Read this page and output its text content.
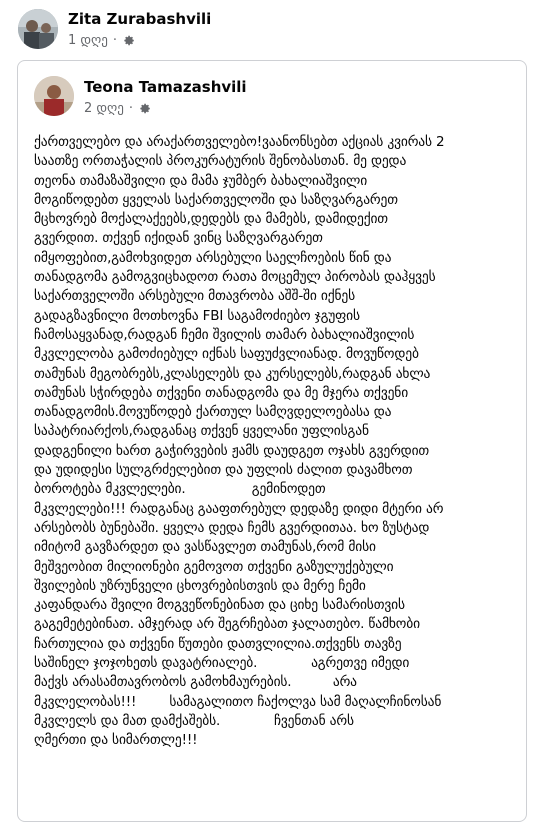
Zita Zurabashvili
1 დღე ·
Teona Tamazashvili
2 დღე ·
ქართველებო და არაქართველებო!ვაანონსებთ აქციას კვირას 2
საათზე ორთაჭალის პროკურატურის შენობასთან. მე დედა
თეონა თამაზაშვილი და მამა ჯუმბერ ბახალიაშვილი
მოგიწოდებთ ყველას საქართველოში და საზღვარგარეთ
მცხოვრებ მოქალაქეებს,დედებს და მამებს, დამიდექით
გვერდით. თქვენ იქიდან ვინც საზღვარგარეთ
იმყოფებით,გამოხვიდეთ არსებული საელჩოების წინ და
თანადგომა გამოგვიცხადოთ რათა მოცემულ პირობას დაჰყვეს
საქართველოში არსებული მთავრობა აშშ-ში იქნეს
გადაგზავნილი მოთხოვნა FBI საგამოძიებო ჯგუფის
ჩამოსაყვანად,რადგან ჩემი შვილის თამარ ბახალიაშვილის
მკვლელობა გამოძიებულ იქნას საფუძვლიანად. მოვუწოდებ
თამუნას მეგობრებს,კლასელებს და კურსელებს,რადგან ახლა
თამუნას სჭირდება თქვენი თანადგომა და მე მჯერა თქვენი
თანადგომის.მოვუწოდებ ქართულ სამღვდელოებასა და
საპატრიარქოს,რადგანაც თქვენ ყველანი უფლისგან
დადგენილი ხართ გაჭირვების ჟამს დაუდგეთ ოჯახს გვერდით
და უდიდესი სულგრძელებით და უფლის ძალით დავამხოთ
ბოროტება მკვლელები.                გემინოდეთ
მკვლელები!!! რადგანაც გააფთრებულ დედაზე დიდი მტერი არ
არსებობს ბუნებაში. ყველა დედა ჩემს გვერდითაა. ხო ზუსტად
იმიტომ გავზარდეთ და ვასწავლეთ თამუნას,რომ მისი
მეშვეობით მილიონები გემოვოთ თქვენი გაზულუქებული
შვილების უზრუნველი ცხოვრებისთვის და მერე ჩემი
კაფანდარა შვილი მოგვეწონებინათ და ციხე სამარისთვის
გაგემეტებინათ. ამჯერად არ შეგრჩებათ ჯალათებო. წამხობი
ჩართულია და თქვენი წუთები დათვლილია.თქვენს თავზე
საშინელ ჯოჯოხეთს დავატრიალებ.             აგრეთვე იმედი
მაქვს არასამთავრობოს გამოხმაურების.          არა
მკვლელობას!!!        სამაგალითო ჩაქოლვა სამ მაღალჩინოსან
მკვლელს და მათ დამქაშებს.             ჩვენთან არს
ღმერთი და სიმართლე!!!
